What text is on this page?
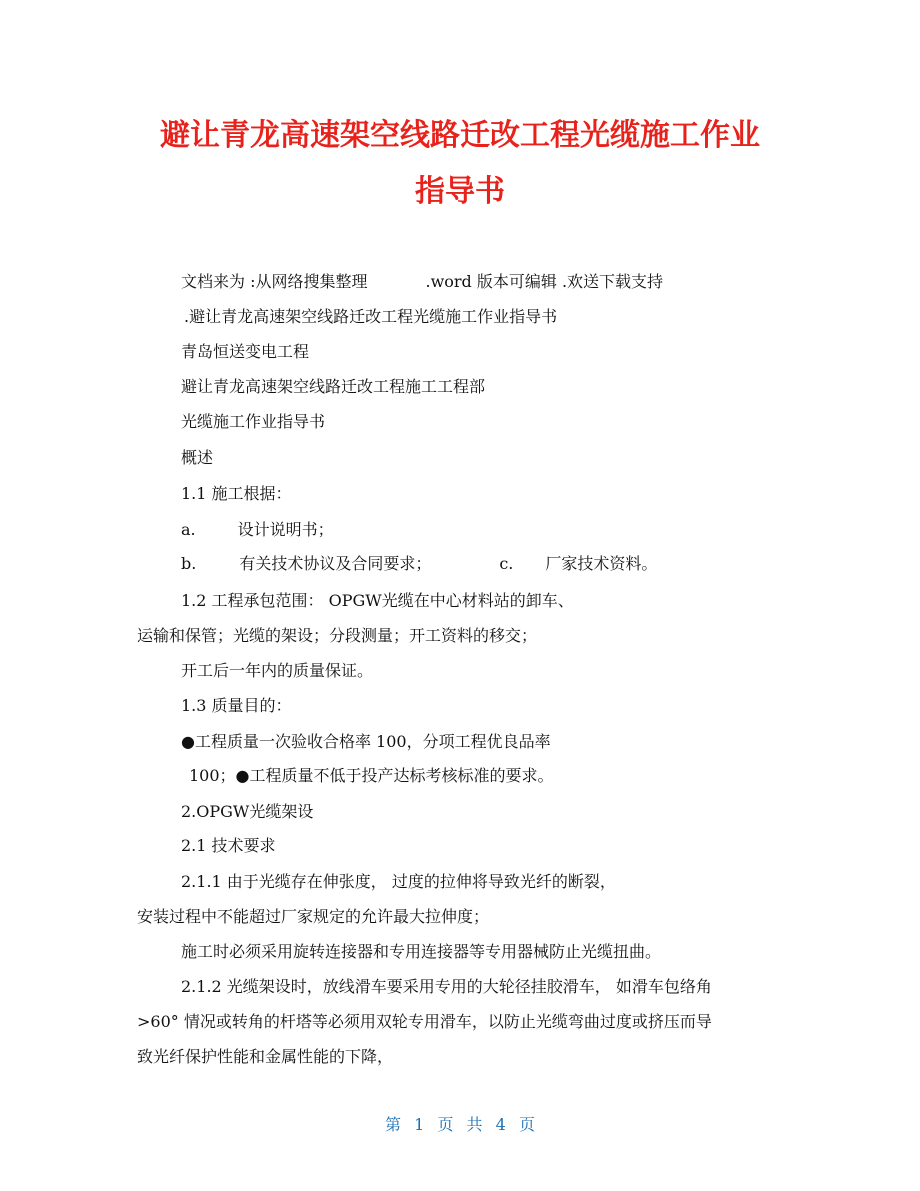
避让青龙高速架空线路迁改工程光缆施工作业
指导书
文档来为 :从网络搜集整理	.word 版本可编辑 .欢送下载支持
.避让青龙高速架空线路迁改工程光缆施工作业指导书
青岛恒送变电工程
避让青龙高速架空线路迁改工程施工工程部
光缆施工作业指导书
概述
1.1 施工根据：
a.	设计说明书；
b.	有关技术协议及合同要求；	c. 厂家技术资料。
1.2 工程承包范围： OPGW光缆在中心材料站的卸车、
运输和保管；光缆的架设；分段测量；开工资料的移交；
开工后一年内的质量保证。
1.3 质量目的：
●工程质量一次验收合格率 100，分项工程优良品率
100；●工程质量不低于投产达标考核标准的要求。
2.OPGW光缆架设
2.1 技术要求
2.1.1 由于光缆存在伸张度， 过度的拉伸将导致光纤的断裂，
安装过程中不能超过厂家规定的允许最大拉伸度；
施工时必须采用旋转连接器和专用连接器等专用器械防止光缆扭曲。
2.1.2 光缆架设时，放线滑车要采用专用的大轮径挂胶滑车， 如滑车包络角
>60° 情况或转角的杆塔等必须用双轮专用滑车，以防止光缆弯曲过度或挤压而导
致光纤保护性能和金属性能的下降，
第 1 页 共 4 页
